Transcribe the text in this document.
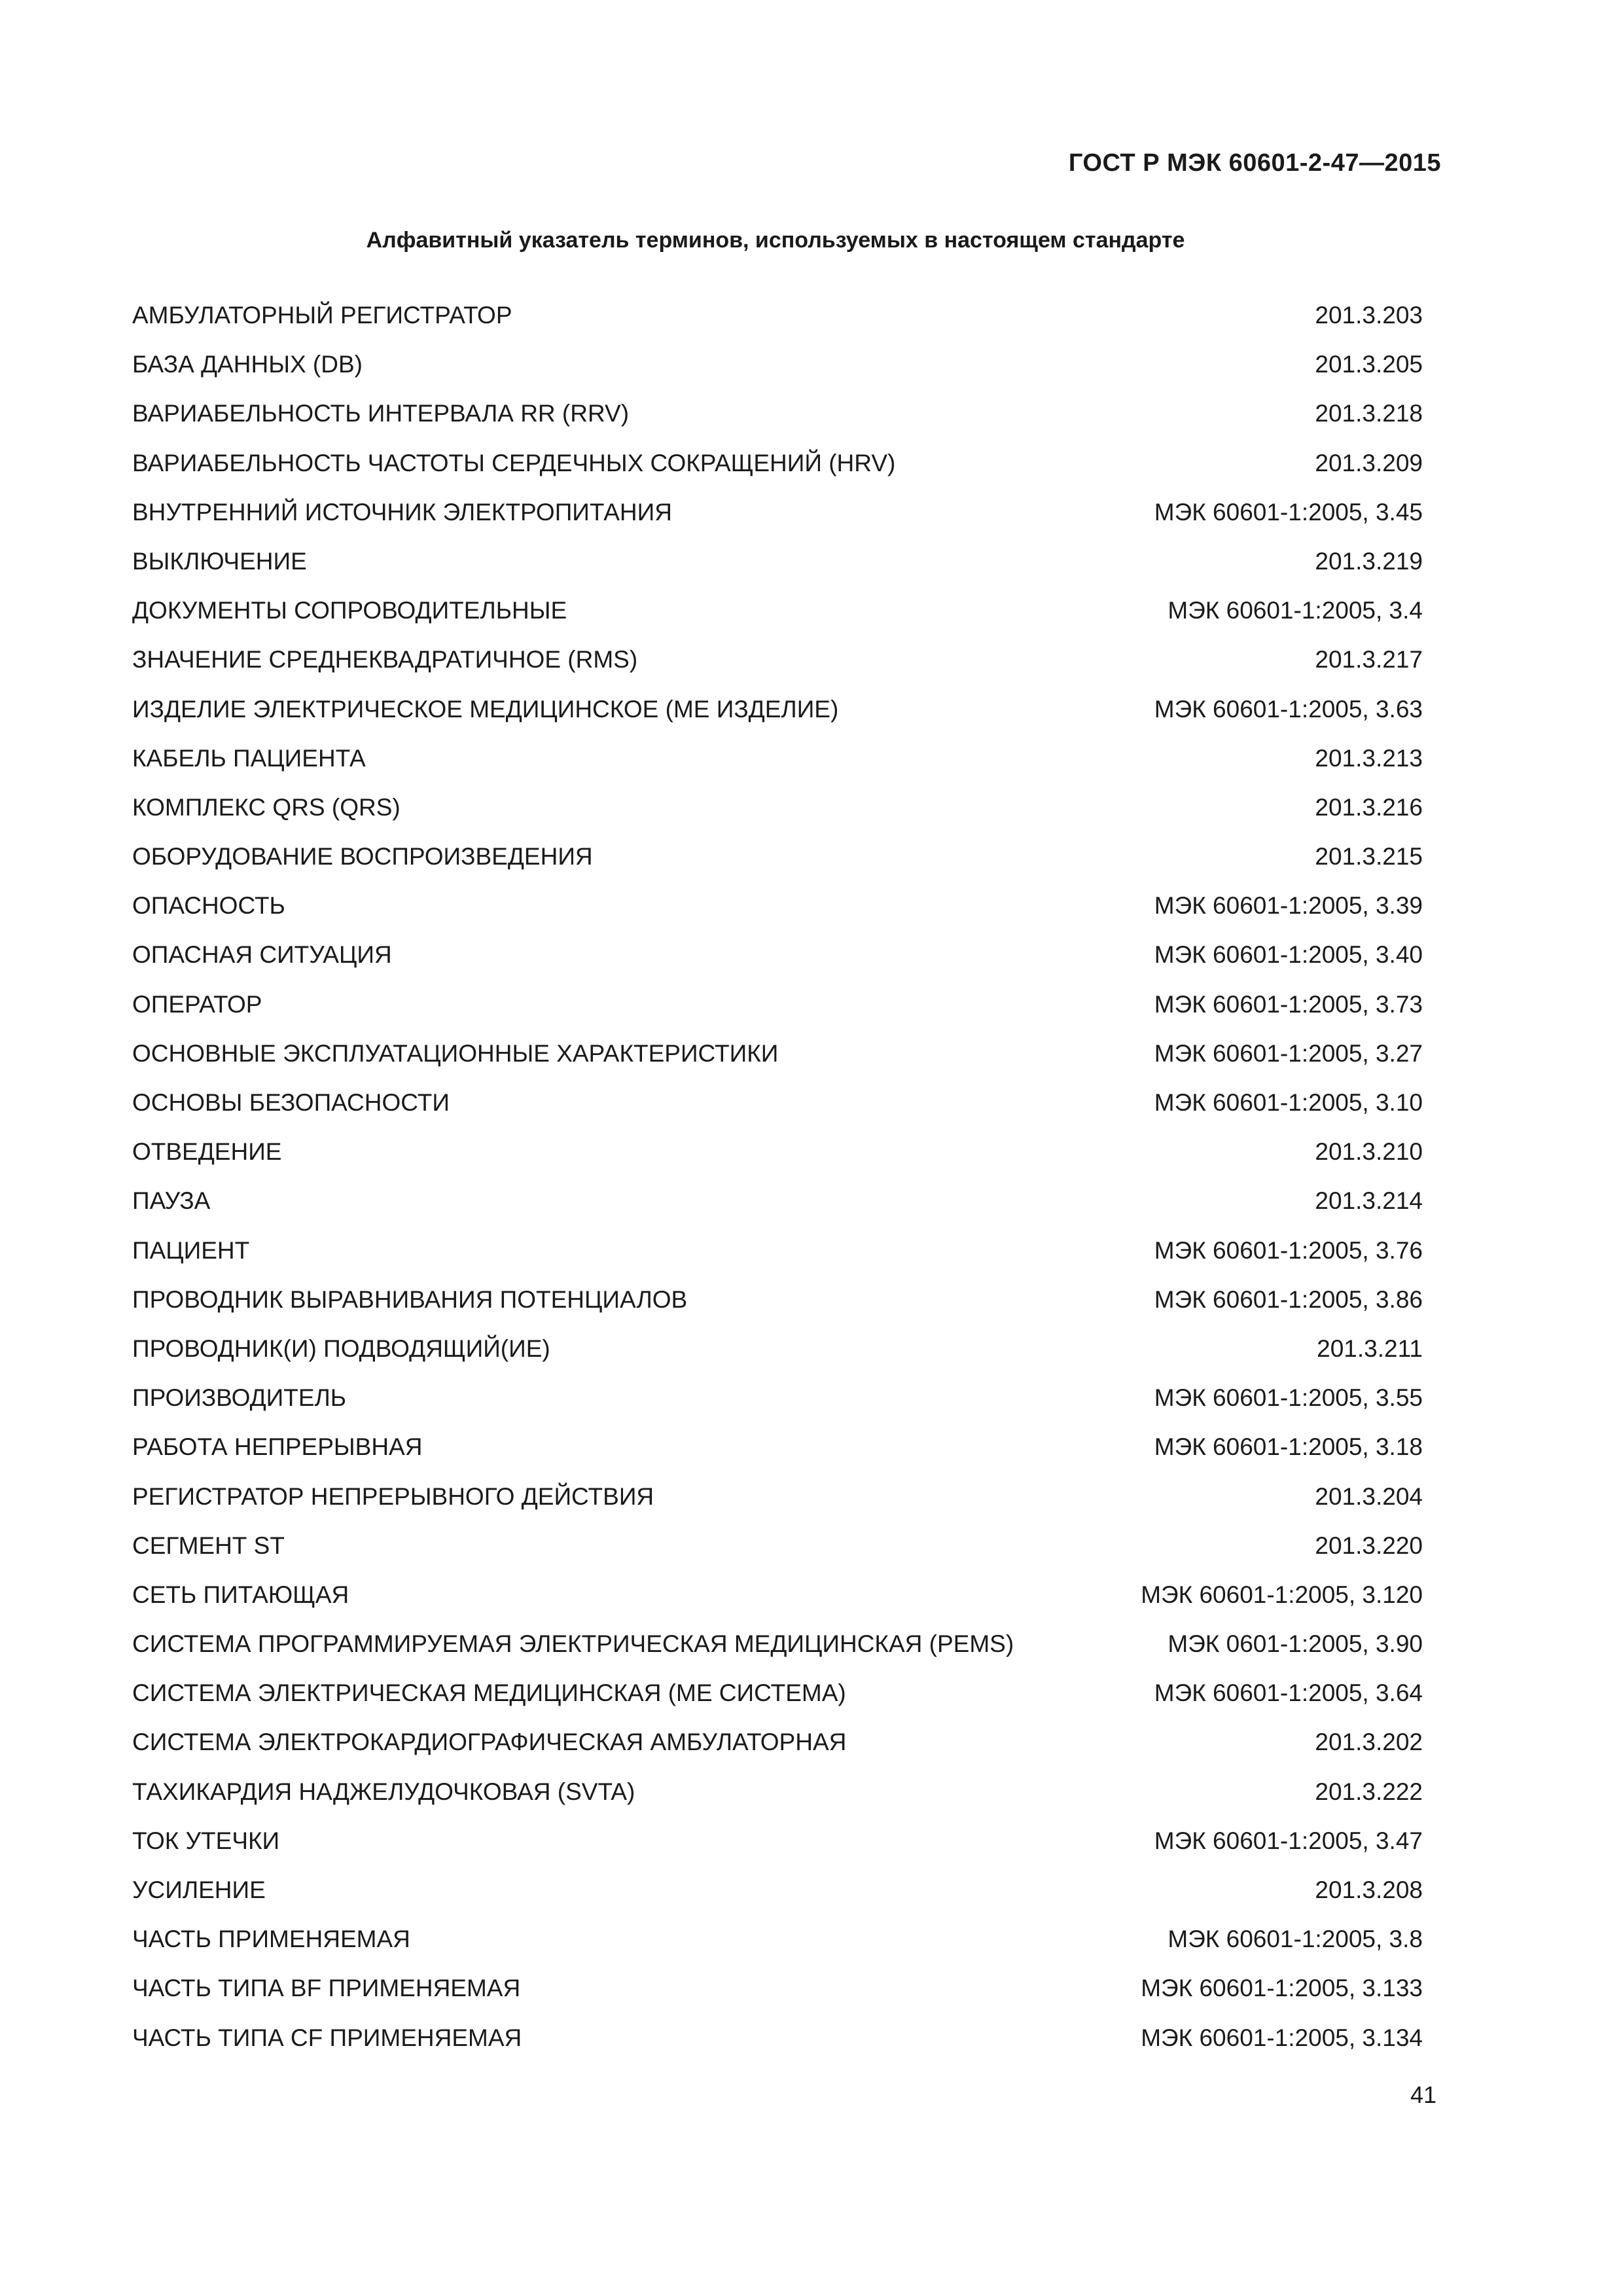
ГОСТ Р МЭК 60601-2-47—2015
Алфавитный указатель терминов, используемых в настоящем стандарте
АМБУЛАТОРНЫЙ РЕГИСТРАТОР	201.3.203
БАЗА ДАННЫХ (DB)	201.3.205
ВАРИАБЕЛЬНОСТЬ ИНТЕРВАЛА RR (RRV)	201.3.218
ВАРИАБЕЛЬНОСТЬ ЧАСТОТЫ СЕРДЕЧНЫХ СОКРАЩЕНИЙ (HRV)	201.3.209
ВНУТРЕННИЙ ИСТОЧНИК ЭЛЕКТРОПИТАНИЯ	МЭК 60601-1:2005, 3.45
ВЫКЛЮЧЕНИЕ	201.3.219
ДОКУМЕНТЫ СОПРОВОДИТЕЛЬНЫЕ	МЭК 60601-1:2005, 3.4
ЗНАЧЕНИЕ СРЕДНЕКВАДРАТИЧНОЕ (RMS)	201.3.217
ИЗДЕЛИЕ ЭЛЕКТРИЧЕСКОЕ МЕДИЦИНСКОЕ (МЕ ИЗДЕЛИЕ)	МЭК 60601-1:2005, 3.63
КАБЕЛЬ ПАЦИЕНТА	201.3.213
КОМПЛЕКС QRS (QRS)	201.3.216
ОБОРУДОВАНИЕ ВОСПРОИЗВЕДЕНИЯ	201.3.215
ОПАСНОСТЬ	МЭК 60601-1:2005, 3.39
ОПАСНАЯ СИТУАЦИЯ	МЭК 60601-1:2005, 3.40
ОПЕРАТОР	МЭК 60601-1:2005, 3.73
ОСНОВНЫЕ ЭКСПЛУАТАЦИОННЫЕ ХАРАКТЕРИСТИКИ	МЭК 60601-1:2005, 3.27
ОСНОВЫ БЕЗОПАСНОСТИ	МЭК 60601-1:2005, 3.10
ОТВЕДЕНИЕ	201.3.210
ПАУЗА	201.3.214
ПАЦИЕНТ	МЭК 60601-1:2005, 3.76
ПРОВОДНИК ВЫРАВНИВАНИЯ ПОТЕНЦИАЛОВ	МЭК 60601-1:2005, 3.86
ПРОВОДНИК(И) ПОДВОДЯЩИЙ(ИЕ)	201.3.211
ПРОИЗВОДИТЕЛЬ	МЭК 60601-1:2005, 3.55
РАБОТА НЕПРЕРЫВНАЯ	МЭК 60601-1:2005, 3.18
РЕГИСТРАТОР НЕПРЕРЫВНОГО ДЕЙСТВИЯ	201.3.204
СЕГМЕНТ ST	201.3.220
СЕТЬ ПИТАЮЩАЯ	МЭК 60601-1:2005, 3.120
СИСТЕМА ПРОГРАММИРУЕМАЯ ЭЛЕКТРИЧЕСКАЯ МЕДИЦИНСКАЯ (PEMS)	МЭК 0601-1:2005, 3.90
СИСТЕМА ЭЛЕКТРИЧЕСКАЯ МЕДИЦИНСКАЯ (МЕ СИСТЕМА)	МЭК 60601-1:2005, 3.64
СИСТЕМА ЭЛЕКТРОКАРДИОГРАФИЧЕСКАЯ АМБУЛАТОРНАЯ	201.3.202
ТАХИКАРДИЯ НАДЖЕЛУДОЧКОВАЯ (SVTA)	201.3.222
ТОК УТЕЧКИ	МЭК 60601-1:2005, 3.47
УСИЛЕНИЕ	201.3.208
ЧАСТЬ ПРИМЕНЯЕМАЯ	МЭК 60601-1:2005, 3.8
ЧАСТЬ ТИПА BF ПРИМЕНЯЕМАЯ	МЭК 60601-1:2005, 3.133
ЧАСТЬ ТИПА CF ПРИМЕНЯЕМАЯ	МЭК 60601-1:2005, 3.134
41
